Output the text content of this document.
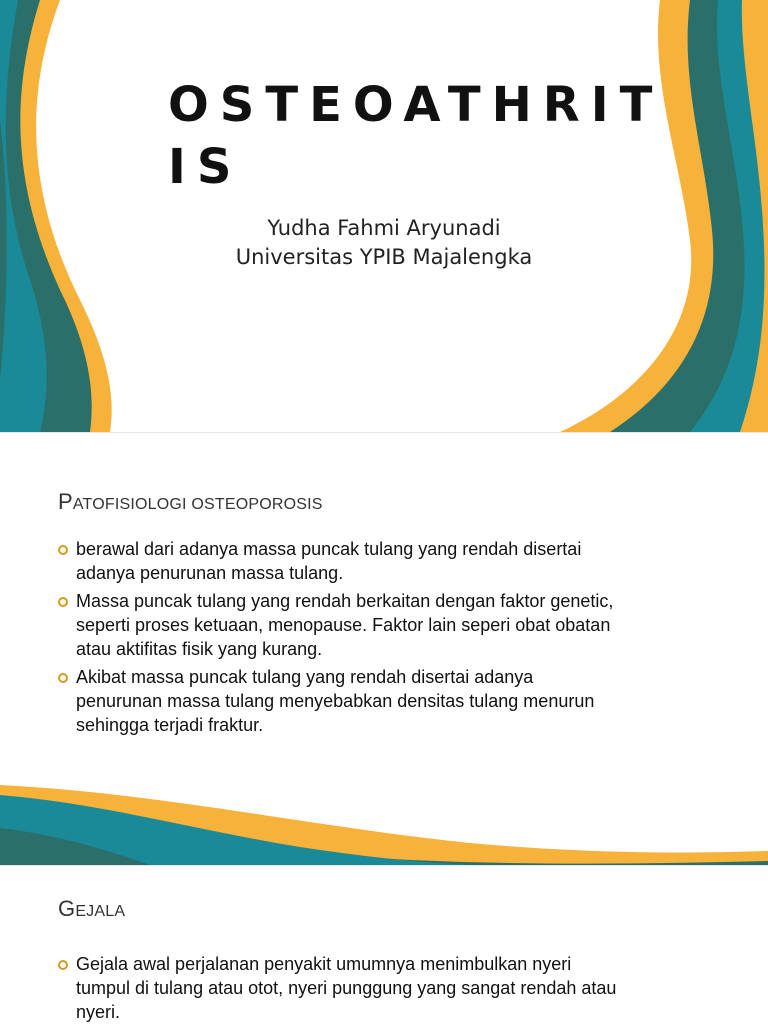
OSTEOATHRIT
IS
Yudha Fahmi Aryunadi
Universitas YPIB Majalengka
PATOFISIOLOGI OSTEOPOROSIS
berawal dari adanya massa puncak tulang yang rendah disertai adanya penurunan massa tulang.
Massa puncak tulang yang rendah berkaitan dengan faktor genetic, seperti proses ketuaan, menopause. Faktor lain seperi obat obatan atau aktifitas fisik yang kurang.
Akibat massa puncak tulang yang rendah disertai adanya penurunan massa tulang menyebabkan densitas tulang menurun sehingga terjadi fraktur.
GEJALA
Gejala awal perjalanan penyakit umumnya menimbulkan nyeri tumpul di tulang atau otot, nyeri punggung yang sangat rendah atau nyeri.
